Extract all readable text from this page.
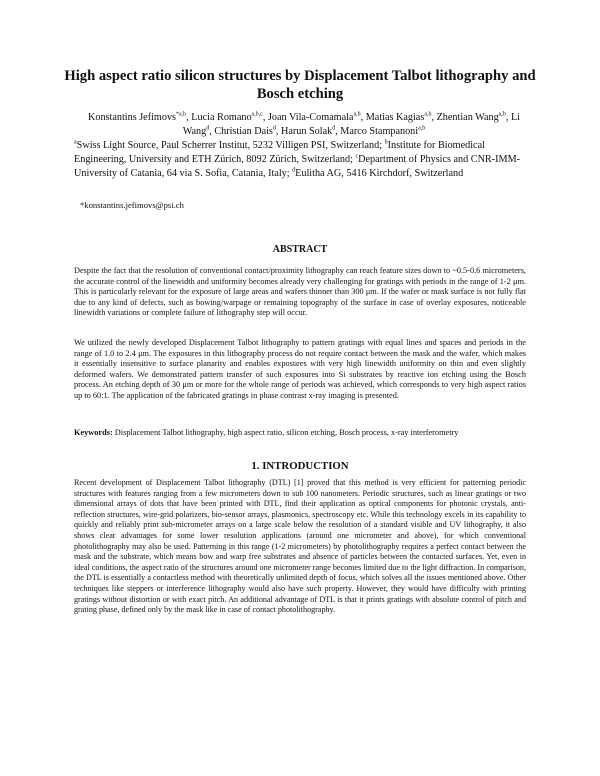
High aspect ratio silicon structures by Displacement Talbot lithography and Bosch etching
Konstantins Jefimovs$^{*a,b}$, Lucia Romano$^{a,b,c}$, Joan Vila-Comamala$^{a,b}$, Matias Kagias$^{a,b}$, Zhentian Wang$^{a,b}$, Li Wang$^d$, Christian Dais$^d$, Harun Solak$^d$, Marco Stampanoni$^{a,b}$
$^a$Swiss Light Source, Paul Scherrer Institut, 5232 Villigen PSI, Switzerland; $^b$Institute for Biomedical Engineering, University and ETH Zürich, 8092 Zürich, Switzerland; $^c$Department of Physics and CNR-IMM- University of Catania, 64 via S. Sofia, Catania, Italy; $^d$Eulitha AG, 5416 Kirchdorf, Switzerland
*konstantins.jefimovs@psi.ch
ABSTRACT
Despite the fact that the resolution of conventional contact/proximity lithography can reach feature sizes down to ~0.5-0.6 micrometers, the accurate control of the linewidth and uniformity becomes already very challenging for gratings with periods in the range of 1-2 μm. This is particularly relevant for the exposure of large areas and wafers thinner than 300 μm. If the wafer or mask surface is not fully flat due to any kind of defects, such as bowing/warpage or remaining topography of the surface in case of overlay exposures, noticeable linewidth variations or complete failure of lithography step will occur.
We utilized the newly developed Displacement Talbot lithography to pattern gratings with equal lines and spaces and periods in the range of 1.0 to 2.4 μm. The exposures in this lithography process do not require contact between the mask and the wafer, which makes it essentially insensitive to surface planarity and enables exposures with very high linewidth uniformity on thin and even slightly deformed wafers. We demonstrated pattern transfer of such exposures into Si substrates by reactive ion etching using the Bosch process. An etching depth of 30 μm or more for the whole range of periods was achieved, which corresponds to very high aspect ratios up to 60:1. The application of the fabricated gratings in phase contrast x-ray imaging is presented.
Keywords: Displacement Talbot lithography, high aspect ratio, silicon etching, Bosch process, x-ray interferometry
1. INTRODUCTION
Recent development of Displacement Talbot lithography (DTL) [1] proved that this method is very efficient for patterning periodic structures with features ranging from a few micrometers down to sub 100 nanometers. Periodic structures, such as linear gratings or two dimensional arrays of dots that have been printed with DTL, find their application as optical components for photonic crystals, anti-reflection structures, wire-grid polarizers, bio-sensor arrays, plasmonics, spectroscopy etc. While this technology excels in its capability to quickly and reliably print sub-micrometer arrays on a large scale below the resolution of a standard visible and UV lithography, it also shows clear advantages for some lower resolution applications (around one micrometer and above), for which conventional photolithography may also be used. Patterning in this range (1-2 micrometers) by photolithography requires a perfect contact between the mask and the substrate, which means bow and warp free substrates and absence of particles between the contacted surfaces. Yet, even in ideal conditions, the aspect ratio of the structures around one micrometer range becomes limited due to the light diffraction. In comparison, the DTL is essentially a contactless method with theoretically unlimited depth of focus, which solves all the issues mentioned above. Other techniques like steppers or interference lithography would also have such property. However, they would have difficulty with printing gratings without distortion or with exact pitch. An additional advantage of DTL is that it prints gratings with absolute control of pitch and grating phase, defined only by the mask like in case of contact photolithography.
